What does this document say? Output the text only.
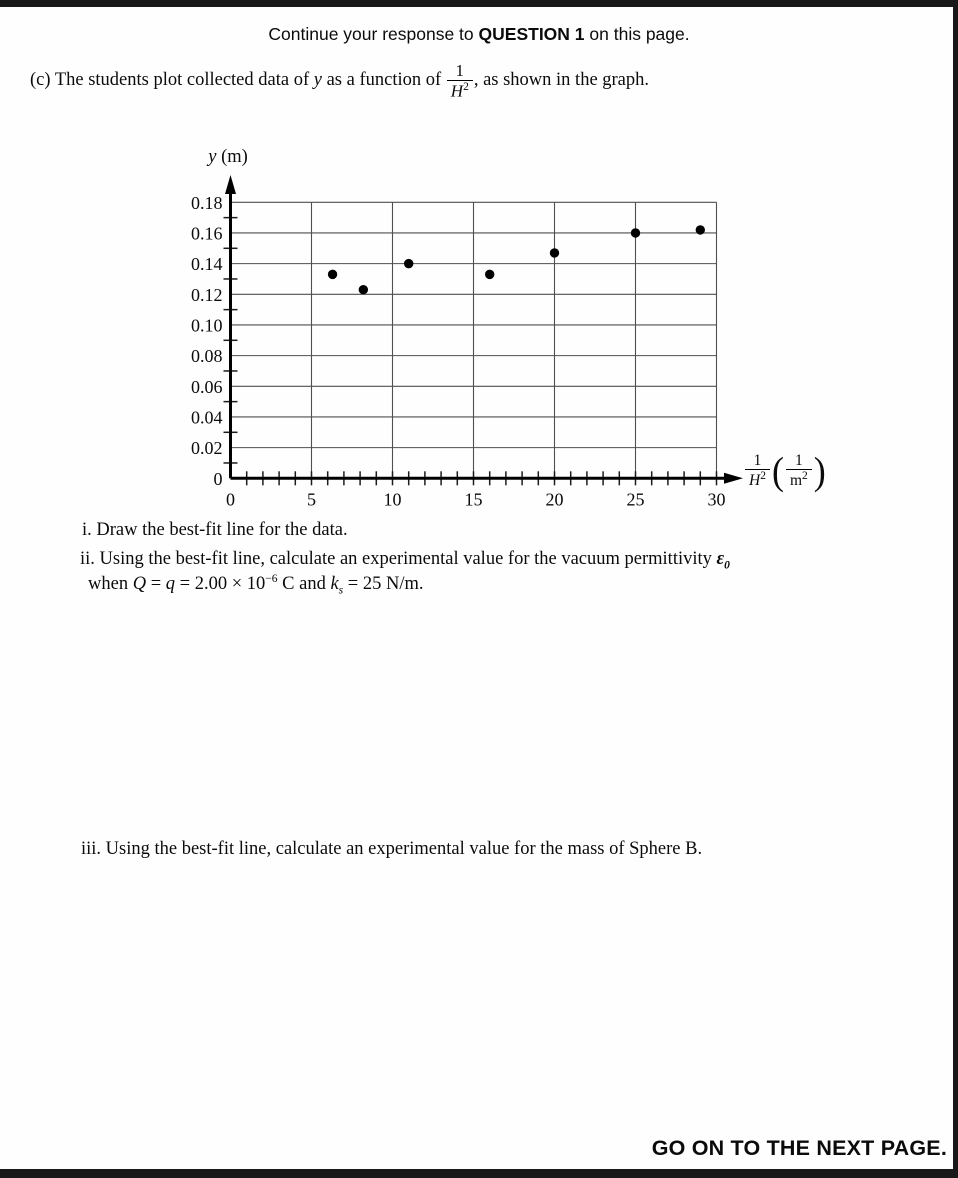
Continue your response to QUESTION 1 on this page.
(c) The students plot collected data of y as a function of $\frac{1}{H^2}$ , as shown in the graph.
0	5	10	15	20	25	30
0
0.02
0.04
0.06
0.08
0.10
0.12
0.14
0.16
0.18
y (m)
$\frac{1}{H^2}$ ( $\frac{1}{m^2}$ )
i. Draw the best-fit line for the data.
ii. Using the best-fit line, calculate an experimental value for the vacuum permittivity $\varepsilon_0$
when $Q = q = 2.00 \times 10^{-6}$ C and $k_s = 25$ N/m.
iii. Using the best-fit line, calculate an experimental value for the mass of Sphere B.
GO ON TO THE NEXT PAGE.
